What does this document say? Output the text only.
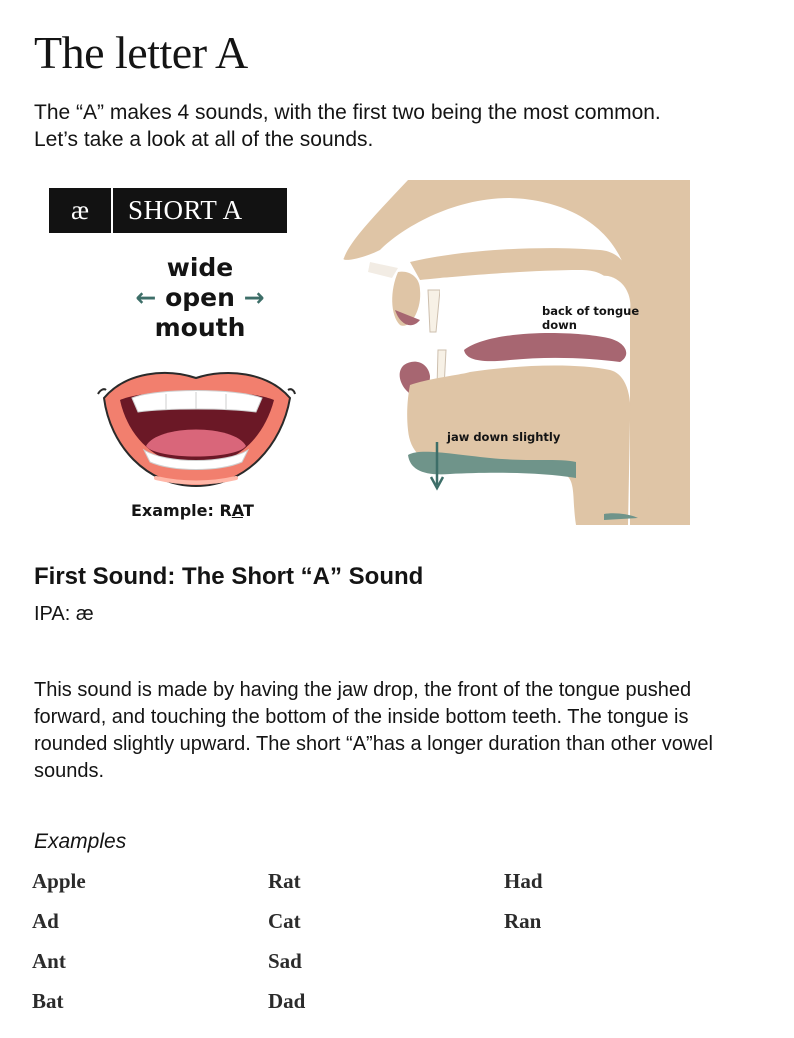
The letter A

The “A” makes 4 sounds, with the first two being the most common. Let’s take a look at all of the sounds.

æ	SHORT A
wide
← open →
mouth
Example: RAT
back of tongue down
jaw down slightly
First Sound: The Short “A” Sound
IPA: æ

This sound is made by having the jaw drop, the front of the tongue pushed forward, and touching the bottom of the inside bottom teeth. The tongue is rounded slightly upward. The short “A”has a longer duration than other vowel sounds.

Examples
Apple	Rat	Had
Ad	Cat	Ran
Ant	Sad
Bat	Dad
